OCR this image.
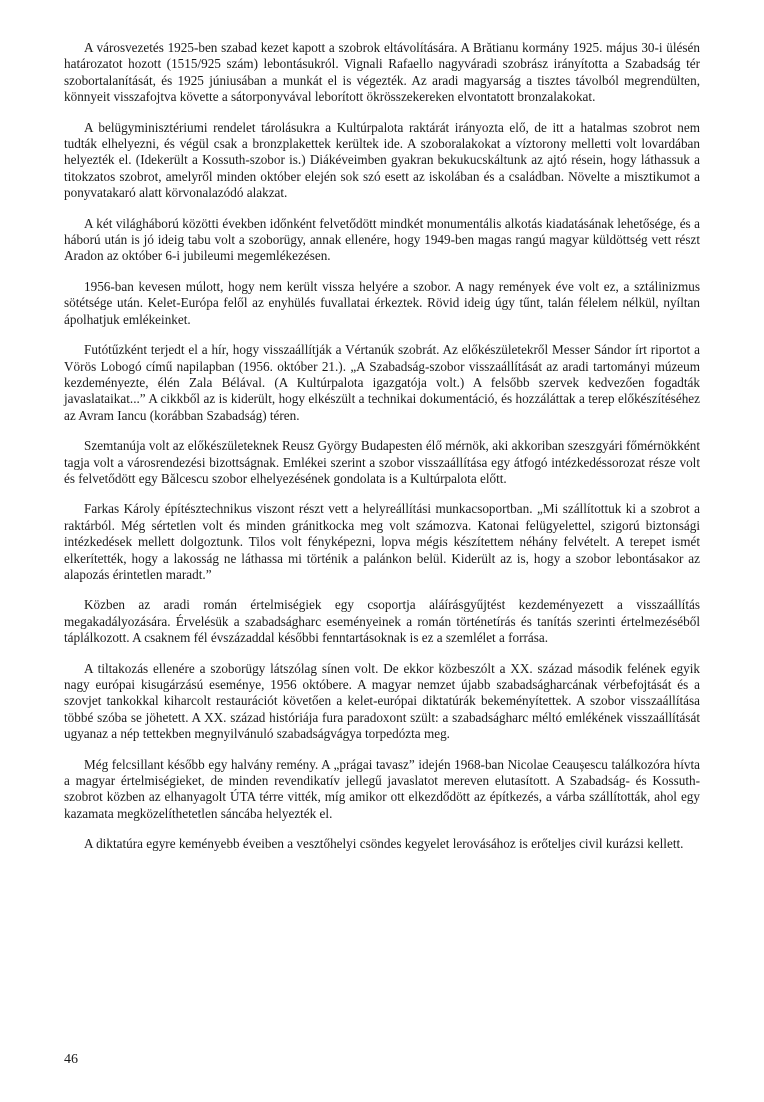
A városvezetés 1925-ben szabad kezet kapott a szobrok eltávolítására. A Brătianu kormány 1925. május 30-i ülésén határozatot hozott (1515/925 szám) lebontásukról. Vignali Rafaello nagyváradi szobrász irányította a Szabadság tér szobortalanítását, és 1925 júniusában a munkát el is végezték. Az aradi magyarság a tisztes távolból megrendülten, könnyeit visszafojtva követte a sátorponyvával leborított ökrösszekereken elvontatott bronzalakokat.

A belügyminisztériumi rendelet tárolásukra a Kultúrpalota raktárát irányozta elő, de itt a hatalmas szobrot nem tudták elhelyezni, és végül csak a bronzplakettek kerültek ide. A szoboralakokat a víztorony melletti volt lovardában helyezték el. (Idekerült a Kossuth-szobor is.) Diákéveimben gyakran bekukucskáltunk az ajtó résein, hogy láthassuk a titokzatos szobrot, amelyről minden október elején sok szó esett az iskolában és a családban. Növelte a misztikumot a ponyvatakaró alatt körvonalazódó alakzat.

A két világháború közötti években időnként felvetődött mindkét monumentális alkotás kiadatásának lehetősége, és a háború után is jó ideig tabu volt a szoborügy, annak ellenére, hogy 1949-ben magas rangú magyar küldöttség vett részt Aradon az október 6-i jubileumi megemlékezésen.

1956-ban kevesen múlott, hogy nem került vissza helyére a szobor. A nagy remények éve volt ez, a sztálinizmus sötétsége után. Kelet-Európa felől az enyhülés fuvallatai érkeztek. Rövid ideig úgy tűnt, talán félelem nélkül, nyíltan ápolhatjuk emlékeinket.

Futótűzként terjedt el a hír, hogy visszaállítják a Vértanúk szobrát. Az előkészületekről Messer Sándor írt riportot a Vörös Lobogó című napilapban (1956. október 21.). „A Szabadság-szobor visszaállítását az aradi tartományi múzeum kezdeményezte, élén Zala Bélával. (A Kultúrpalota igazgatója volt.) A felsőbb szervek kedvezően fogadták javaslataikat...” A cikkből az is kiderült, hogy elkészült a technikai dokumentáció, és hozzáláttak a terep előkészítéséhez az Avram Iancu (korábban Szabadság) téren.

Szemtanúja volt az előkészületeknek Reusz György Budapesten élő mérnök, aki akkoriban szeszgyári főmérnökként tagja volt a városrendezési bizottságnak. Emlékei szerint a szobor visszaállítása egy átfogó intézkedéssorozat része volt és felvetődött egy Bălcescu szobor elhelyezésének gondolata is a Kultúrpalota előtt.

Farkas Károly építésztechnikus viszont részt vett a helyreállítási munkacsoportban. „Mi szállítottuk ki a szobrot a raktárból. Még sértetlen volt és minden gránitkocka meg volt számozva. Katonai felügyelettel, szigorú biztonsági intézkedések mellett dolgoztunk. Tilos volt fényképezni, lopva mégis készítettem néhány felvételt. A terepet ismét elkerítették, hogy a lakosság ne láthassa mi történik a palánkon belül. Kiderült az is, hogy a szobor lebontásakor az alapozás érintetlen maradt.”

Közben az aradi román értelmiségiek egy csoportja aláírásgyűjtést kezdeményezett a visszaállítás megakadályozására. Érvelésük a szabadságharc eseményeinek a román történetírás és tanítás szerinti értelmezéséből táplálkozott. A csaknem fél évszázaddal későbbi fenntartásoknak is ez a szemlélet a forrása.

A tiltakozás ellenére a szoborügy látszólag sínen volt. De ekkor közbeszólt a XX. század második felének egyik nagy európai kisugárzású eseménye, 1956 októbere. A magyar nemzet újabb szabadságharcának vérbefojtását és a szovjet tankokkal kiharcolt restaurációt követően a kelet-európai diktatúrák bekeményítettek. A szobor visszaállítása többé szóba se jöhetett. A XX. század históriája fura paradoxont szült: a szabadságharc méltó emlékének visszaállítását ugyanaz a nép tettekben megnyilvánuló szabadságvágya torpedózta meg.

Még felcsillant később egy halvány remény. A „prágai tavasz” idején 1968-ban Nicolae Ceaușescu találkozóra hívta a magyar értelmiségieket, de minden revendikatív jellegű javaslatot mereven elutasított. A Szabadság- és Kossuth-szobrot közben az elhanyagolt ÚTA térre vitték, míg amikor ott elkezdődött az építkezés, a várba szállították, ahol egy kazamata megközelíthetetlen sáncába helyezték el.

A diktatúra egyre keményebb éveiben a vesztőhelyi csöndes kegyelet lerovásához is erőteljes civil kurázsi kellett.

46
